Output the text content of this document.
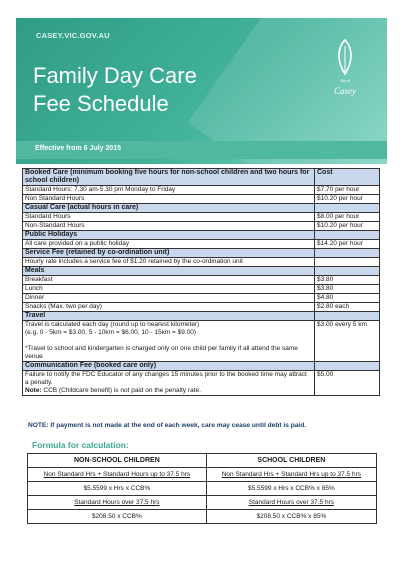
CASEY.VIC.GOV.AU
Family Day Care
Fee Schedule
City of
Casey
Effective from 6 July 2015
Booked Care (minimum booking five hours for non-school children and two hours for school children)	Cost
Standard Hours: 7.30 am-5.30 pm Monday to Friday	$7.70 per hour
Non Standard Hours	$10.20 per hour
Casual Care (actual hours in care)	
Standard Hours	$8.00 per hour
Non-Standard Hours	$10.20 per hour
Public Holidays	
All care provided on a public holiday	$14.20 per hour
Service Fee (retained by co-ordination unit)	
Hourly rate includes a service fee of $1.20 retained by the co-ordination unit	
Meals	
Breakfast	$3.80
Lunch	$3.80
Dinner	$4.80
Snacks (Max. two per day)	$2.80 each
Travel	

Travel is calculated each day (round up to nearest kilometer)
(e.g. 0 - 5km = $3.00, 5 - 10km = $6.00, 10 - 15km = $9.00)
*Travel to school and kindergarten is charged only on one child per family if all attend the same venue	$3.00 every 5 km
Communication Fee (booked care only)	

Failure to notify the FDC Educator of any changes 15 minutes prior to the booked time may attract a penalty.
Note: CCB (Childcare benefit) is not paid on the penalty rate.	$5.00
NOTE: If payment is not made at the end of each week, care may cease until debt is paid.
Formula for calculation:
NON-SCHOOL CHILDREN	SCHOOL CHILDREN
Non Standard Hrs + Standard Hours up to 37.5 hrs	Non Standard Hrs + Standard Hrs up to 37.5 hrs
$5.5599 x Hrs x CCB%	$5.5599 x Hrs x CCB% x 85%
Standard Hours over 37.5 hrs	Standard Hours over 37.5 hrs
$208.50 x CCB%	$208.50 x CCB% x 85%
